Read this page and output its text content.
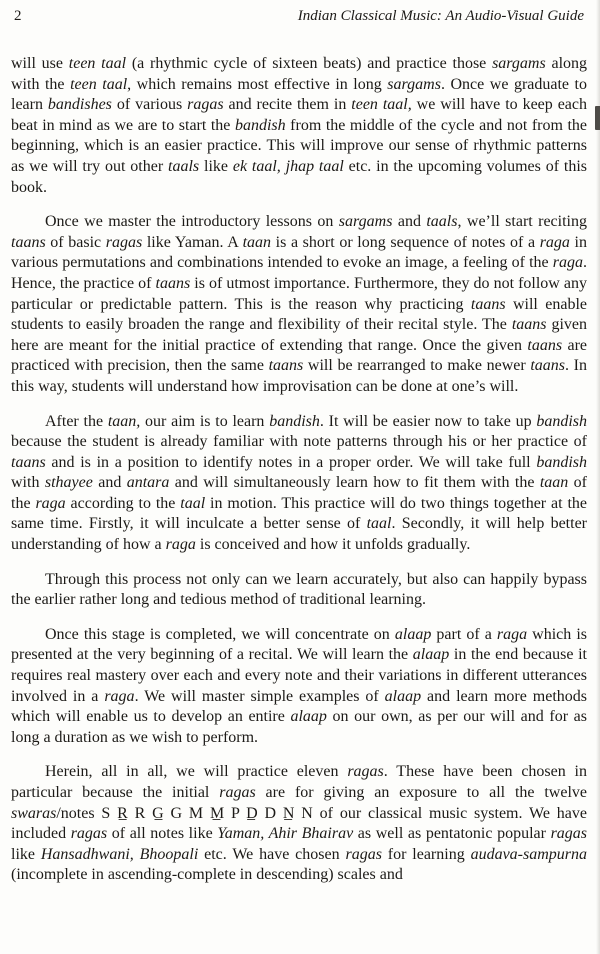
2	Indian Classical Music: An Audio-Visual Guide

will use teen taal (a rhythmic cycle of sixteen beats) and practice those sargams along with the teen taal, which remains most effective in long sargams. Once we graduate to learn bandishes of various ragas and recite them in teen taal, we will have to keep each beat in mind as we are to start the bandish from the middle of the cycle and not from the beginning, which is an easier practice. This will improve our sense of rhythmic patterns as we will try out other taals like ek taal, jhap taal etc. in the upcoming volumes of this book.

Once we master the introductory lessons on sargams and taals, we’ll start reciting taans of basic ragas like Yaman. A taan is a short or long sequence of notes of a raga in various permutations and combinations intended to evoke an image, a feeling of the raga. Hence, the practice of taans is of utmost importance. Furthermore, they do not follow any particular or predictable pattern. This is the reason why practicing taans will enable students to easily broaden the range and flexibility of their recital style. The taans given here are meant for the initial practice of extending that range. Once the given taans are practiced with precision, then the same taans will be rearranged to make newer taans. In this way, students will understand how improvisation can be done at one’s will.

After the taan, our aim is to learn bandish. It will be easier now to take up bandish because the student is already familiar with note patterns through his or her practice of taans and is in a position to identify notes in a proper order. We will take full bandish with sthayee and antara and will simultaneously learn how to fit them with the taan of the raga according to the taal in motion. This practice will do two things together at the same time. Firstly, it will inculcate a better sense of taal. Secondly, it will help better understanding of how a raga is conceived and how it unfolds gradually.

Through this process not only can we learn accurately, but also can happily bypass the earlier rather long and tedious method of traditional learning.

Once this stage is completed, we will concentrate on alaap part of a raga which is presented at the very beginning of a recital. We will learn the alaap in the end because it requires real mastery over each and every note and their variations in different utterances involved in a raga. We will master simple examples of alaap and learn more methods which will enable us to develop an entire alaap on our own, as per our will and for as long a duration as we wish to perform.

Herein, all in all, we will practice eleven ragas. These have been chosen in particular because the initial ragas are for giving an exposure to all the twelve swaras/notes S R̲ R G̲ G M M̲ P D̲ D N̲ N of our classical music system. We have included ragas of all notes like Yaman, Ahir Bhairav as well as pentatonic popular ragas like Hansadhwani, Bhoopali etc. We have chosen ragas for learning audava-sampurna (incomplete in ascending-complete in descending) scales and
